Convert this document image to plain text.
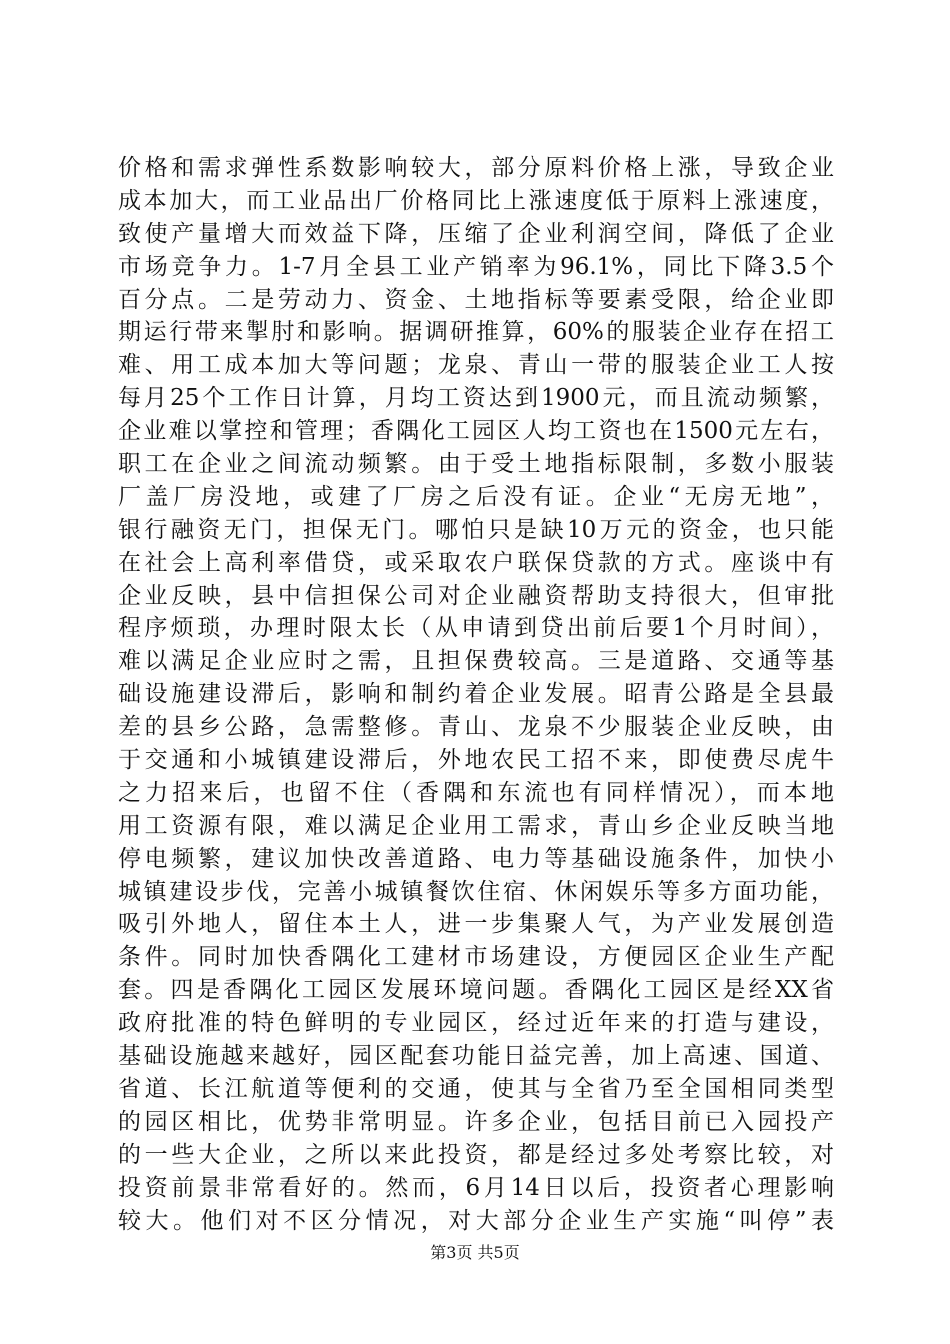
价格和需求弹性系数影响较大，部分原料价格上涨，导致企业
成本加大，而工业品出厂价格同比上涨速度低于原料上涨速度，
致使产量增大而效益下降，压缩了企业利润空间，降低了企业
市场竞争力。1-7月全县工业产销率为96.1%，同比下降3.5个
百分点。二是劳动力、资金、土地指标等要素受限，给企业即
期运行带来掣肘和影响。据调研推算，60%的服装企业存在招工
难、用工成本加大等问题；龙泉、青山一带的服装企业工人按
每月25个工作日计算，月均工资达到1900元，而且流动频繁，
企业难以掌控和管理；香隅化工园区人均工资也在1500元左右，
职工在企业之间流动频繁。由于受土地指标限制，多数小服装
厂盖厂房没地，或建了厂房之后没有证。企业“无房无地”，
银行融资无门，担保无门。哪怕只是缺10万元的资金，也只能
在社会上高利率借贷，或采取农户联保贷款的方式。座谈中有
企业反映，县中信担保公司对企业融资帮助支持很大，但审批
程序烦琐，办理时限太长（从申请到贷出前后要1个月时间），
难以满足企业应时之需，且担保费较高。三是道路、交通等基
础设施建设滞后，影响和制约着企业发展。昭青公路是全县最
差的县乡公路，急需整修。青山、龙泉不少服装企业反映，由
于交通和小城镇建设滞后，外地农民工招不来，即使费尽虎牛
之力招来后，也留不住（香隅和东流也有同样情况），而本地
用工资源有限，难以满足企业用工需求，青山乡企业反映当地
停电频繁，建议加快改善道路、电力等基础设施条件，加快小
城镇建设步伐，完善小城镇餐饮住宿、休闲娱乐等多方面功能，
吸引外地人，留住本土人，进一步集聚人气，为产业发展创造
条件。同时加快香隅化工建材市场建设，方便园区企业生产配
套。四是香隅化工园区发展环境问题。香隅化工园区是经XX省
政府批准的特色鲜明的专业园区，经过近年来的打造与建设，
基础设施越来越好，园区配套功能日益完善，加上高速、国道、
省道、长江航道等便利的交通，使其与全省乃至全国相同类型
的园区相比，优势非常明显。许多企业，包括目前已入园投产
的一些大企业，之所以来此投资，都是经过多处考察比较，对
投资前景非常看好的。然而，6月14日以后，投资者心理影响
较大。他们对不区分情况，对大部分企业生产实施“叫停”表
第3页 共5页
